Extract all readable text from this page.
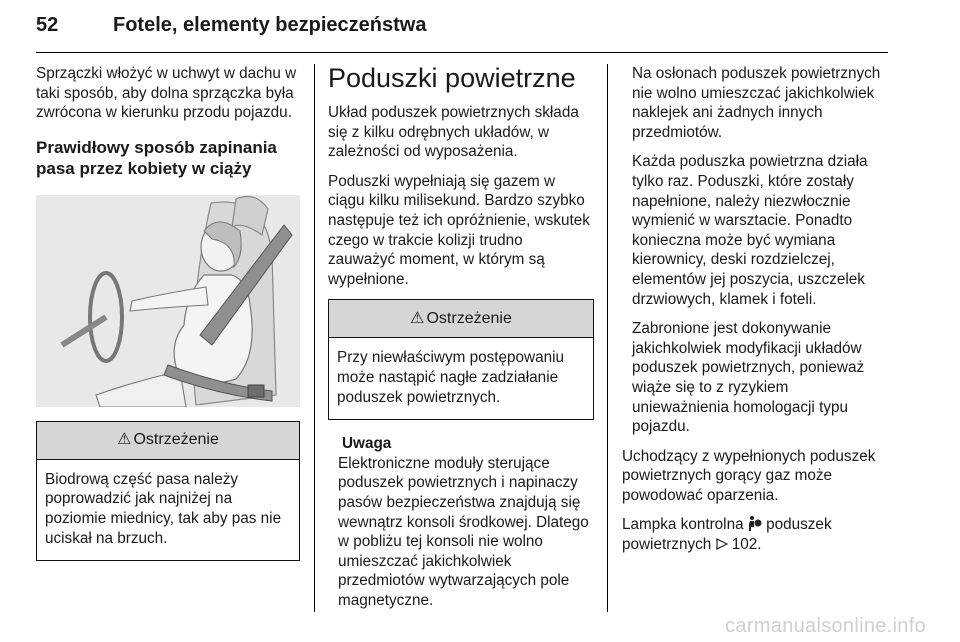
52	Fotele, elementy bezpieczeństwa

Sprzączki włożyć w uchwyt w dachu w taki sposób, aby dolna sprzączka była zwrócona w kierunku przodu pojazdu.

Prawidłowy sposób zapinania pasa przez kobiety w ciąży
⚠ Ostrzeżenie
Biodrową część pasa należy poprowadzić jak najniżej na poziomie miednicy, tak aby pas nie uciskał na brzuch.
Poduszki powietrzne

Układ poduszek powietrznych składa się z kilku odrębnych układów, w zależności od wyposażenia.

Poduszki wypełniają się gazem w ciągu kilku milisekund. Bardzo szybko następuje też ich opróżnienie, wskutek czego w trakcie kolizji trudno zauważyć moment, w którym są wypełnione.

⚠ Ostrzeżenie
Przy niewłaściwym postępowaniu może nastąpić nagłe zadziałanie poduszek powietrznych.
Uwaga
Elektroniczne moduły sterujące poduszek powietrznych i napinaczy pasów bezpieczeństwa znajdują się wewnątrz konsoli środkowej. Dlatego w pobliżu tej konsoli nie wolno umieszczać jakichkolwiek przedmiotów wytwarzających pole magnetyczne.

Na osłonach poduszek powietrznych nie wolno umieszczać jakichkolwiek naklejek ani żadnych innych przedmiotów.

Każda poduszka powietrzna działa tylko raz. Poduszki, które zostały napełnione, należy niezwłocznie wymienić w warsztacie. Ponadto konieczna może być wymiana kierownicy, deski rozdzielczej, elementów jej poszycia, uszczelek drzwiowych, klamek i foteli.

Zabronione jest dokonywanie jakichkolwiek modyfikacji układów poduszek powietrznych, ponieważ wiąże się to z ryzykiem unieważnienia homologacji typu pojazdu.

Uchodzący z wypełnionych poduszek powietrznych gorący gaz może powodować oparzenia.

Lampka kontrolna poduszek powietrznych 102.

carmanualsonline.info
